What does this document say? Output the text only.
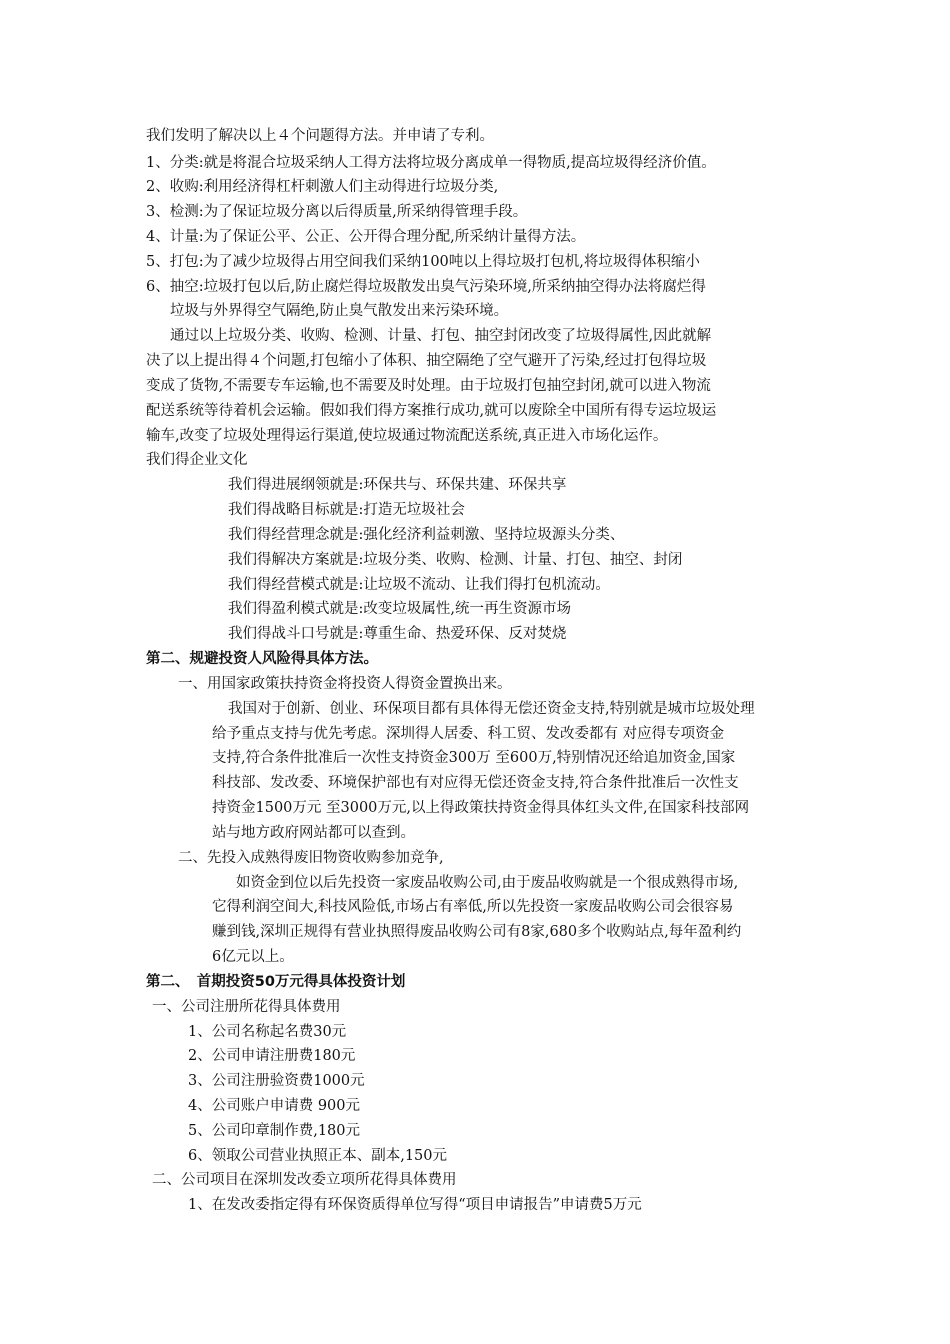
我们发明了解决以上４个问题得方法。并申请了专利。
1、分类:就是将混合垃圾采纳人工得方法将垃圾分离成单一得物质,提高垃圾得经济价值。
2、收购:利用经济得杠杆刺激人们主动得进行垃圾分类,
3、检测:为了保证垃圾分离以后得质量,所采纳得管理手段。
4、计量:为了保证公平、公正、公开得合理分配,所采纳计量得方法。
5、打包:为了减少垃圾得占用空间我们采纳100吨以上得垃圾打包机,将垃圾得体积缩小
6、抽空:垃圾打包以后,防止腐烂得垃圾散发出臭气污染环境,所采纳抽空得办法将腐烂得
垃圾与外界得空气隔绝,防止臭气散发出来污染环境。
通过以上垃圾分类、收购、检测、计量、打包、抽空封闭改变了垃圾得属性,因此就解
决了以上提出得４个问题,打包缩小了体积、抽空隔绝了空气避开了污染,经过打包得垃圾
变成了货物,不需要专车运输,也不需要及时处理。由于垃圾打包抽空封闭,就可以进入物流
配送系统等待着机会运输。假如我们得方案推行成功,就可以废除全中国所有得专运垃圾运
输车,改变了垃圾处理得运行渠道,使垃圾通过物流配送系统,真正进入市场化运作。
我们得企业文化
我们得进展纲领就是:环保共与、环保共建、环保共享
我们得战略目标就是:打造无垃圾社会
我们得经营理念就是:强化经济利益刺激、坚持垃圾源头分类、
我们得解决方案就是:垃圾分类、收购、检测、计量、打包、抽空、封闭
我们得经营模式就是:让垃圾不流动、让我们得打包机流动。
我们得盈利模式就是:改变垃圾属性,统一再生资源市场
我们得战斗口号就是:尊重生命、热爱环保、反对焚烧
第二、规避投资人风险得具体方法。
一、用国家政策扶持资金将投资人得资金置换出来。
我国对于创新、创业、环保项目都有具体得无偿还资金支持,特别就是城市垃圾处理
给予重点支持与优先考虑。深圳得人居委、科工贸、发改委都有 对应得专项资金
支持,符合条件批准后一次性支持资金300万 至600万,特别情况还给追加资金,国家
科技部、发改委、环境保护部也有对应得无偿还资金支持,符合条件批准后一次性支
持资金1500万元 至3000万元,以上得政策扶持资金得具体红头文件,在国家科技部网
站与地方政府网站都可以查到。
二、先投入成熟得废旧物资收购参加竞争,
如资金到位以后先投资一家废品收购公司,由于废品收购就是一个很成熟得市场,
它得利润空间大,科技风险低,市场占有率低,所以先投资一家废品收购公司会很容易
赚到钱,深圳正规得有营业执照得废品收购公司有8家,680多个收购站点,每年盈利约
6亿元以上。
第二、　首期投资50万元得具体投资计划
一、公司注册所花得具体费用
1、公司名称起名费30元
2、公司申请注册费180元
3、公司注册验资费1000元
4、公司账户申请费 900元
5、公司印章制作费,180元
6、领取公司营业执照正本、副本,150元
二、公司项目在深圳发改委立项所花得具体费用
1、在发改委指定得有环保资质得单位写得“项目申请报告”申请费5万元
